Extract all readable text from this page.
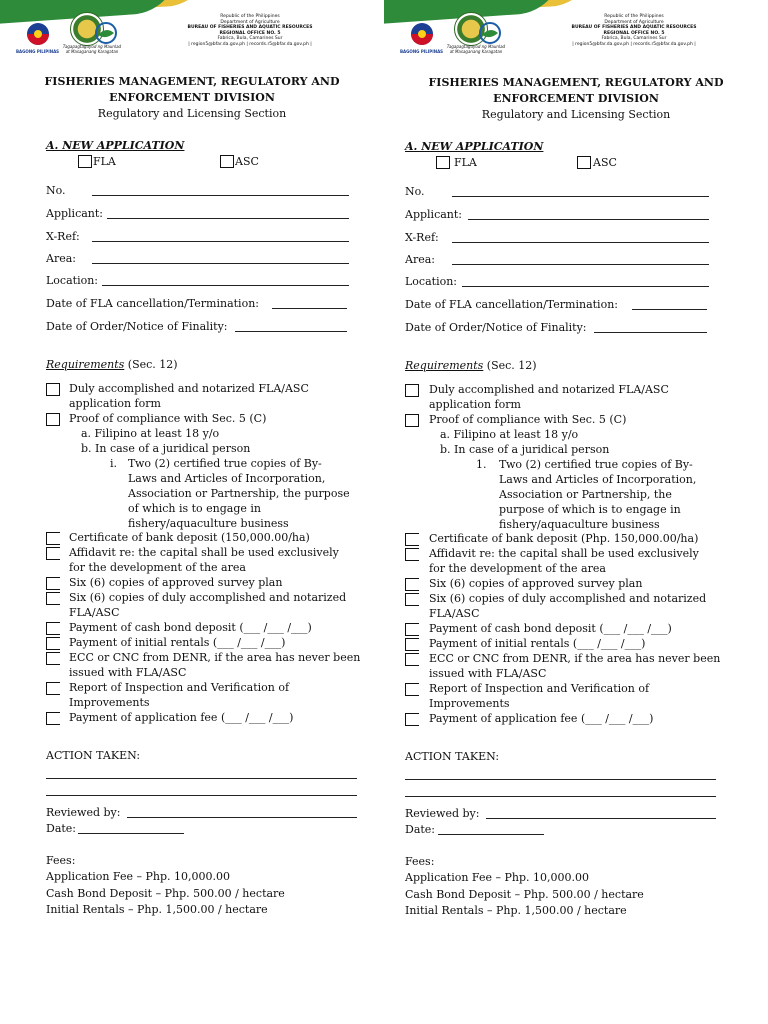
BAGONG PILIPINAS
Tagapagtaguyod ng Maunlad at Masaganang Karagatan
Republic of the Philippines
Department of Agriculture
BUREAU OF FISHERIES AND AQUATIC RESOURCES
REGIONAL OFFICE NO. 5
Fabrica, Bula, Camarines Sur
| region5@bfar.da.gov.ph | records.r5@bfar.da.gov.ph |
FISHERIES MANAGEMENT, REGULATORY AND
ENFORCEMENT DIVISION
Regulatory and Licensing Section
A. NEW APPLICATION
FLA	ASC
No.
Applicant:
X-Ref:
Area:
Location:
Date of FLA cancellation/Termination:
Date of Order/Notice of Finality:
Requirements (Sec. 12)
Duly accomplished and notarized FLA/ASC
application form
Proof of compliance with Sec. 5 (C)
a. Filipino at least 18 y/o
b. In case of a juridical person
i. Two (2) certified true copies of By-
Laws and Articles of Incorporation,
Association or Partnership, the purpose
of which is to engage in
fishery/aquaculture business
Certificate of bank deposit (150,000.00/ha)
Affidavit re: the capital shall be used exclusively
for the development of the area
Six (6) copies of approved survey plan
Six (6) copies of duly accomplished and notarized
FLA/ASC
Payment of cash bond deposit (___ /___ /___)
Payment of initial rentals (___ /___ /___)
ECC or CNC from DENR, if the area has never been
issued with FLA/ASC
Report of Inspection and Verification of
Improvements
Payment of application fee (___ /___ /___)
ACTION TAKEN:
Reviewed by:
Date:
Fees:
Application Fee – Php. 10,000.00
Cash Bond Deposit – Php. 500.00 / hectare
Initial Rentals – Php. 1,500.00 / hectare
BAGONG PILIPINAS
Tagapagtaguyod ng Maunlad at Masaganang Karagatan
Republic of the Philippines
Department of Agriculture
BUREAU OF FISHERIES AND AQUATIC RESOURCES
REGIONAL OFFICE NO. 5
Fabrica, Bula, Camarines Sur
| region5@bfar.da.gov.ph | records.r5@bfar.da.gov.ph |
FISHERIES MANAGEMENT, REGULATORY AND
ENFORCEMENT DIVISION
Regulatory and Licensing Section
A. NEW APPLICATION
FLA	ASC
No.
Applicant:
X-Ref:
Area:
Location:
Date of FLA cancellation/Termination:
Date of Order/Notice of Finality:
Requirements (Sec. 12)
Duly accomplished and notarized FLA/ASC
application form
Proof of compliance with Sec. 5 (C)
a. Filipino at least 18 y/o
b. In case of a juridical person
1. Two (2) certified true copies of By-
Laws and Articles of Incorporation,
Association or Partnership, the
purpose of which is to engage in
fishery/aquaculture business
Certificate of bank deposit (Php. 150,000.00/ha)
Affidavit re: the capital shall be used exclusively
for the development of the area
Six (6) copies of approved survey plan
Six (6) copies of duly accomplished and notarized
FLA/ASC
Payment of cash bond deposit (___ /___ /___)
Payment of initial rentals (___ /___ /___)
ECC or CNC from DENR, if the area has never been
issued with FLA/ASC
Report of Inspection and Verification of
Improvements
Payment of application fee (___ /___ /___)
ACTION TAKEN:
Reviewed by:
Date:
Fees:
Application Fee – Php. 10,000.00
Cash Bond Deposit – Php. 500.00 / hectare
Initial Rentals – Php. 1,500.00 / hectare
